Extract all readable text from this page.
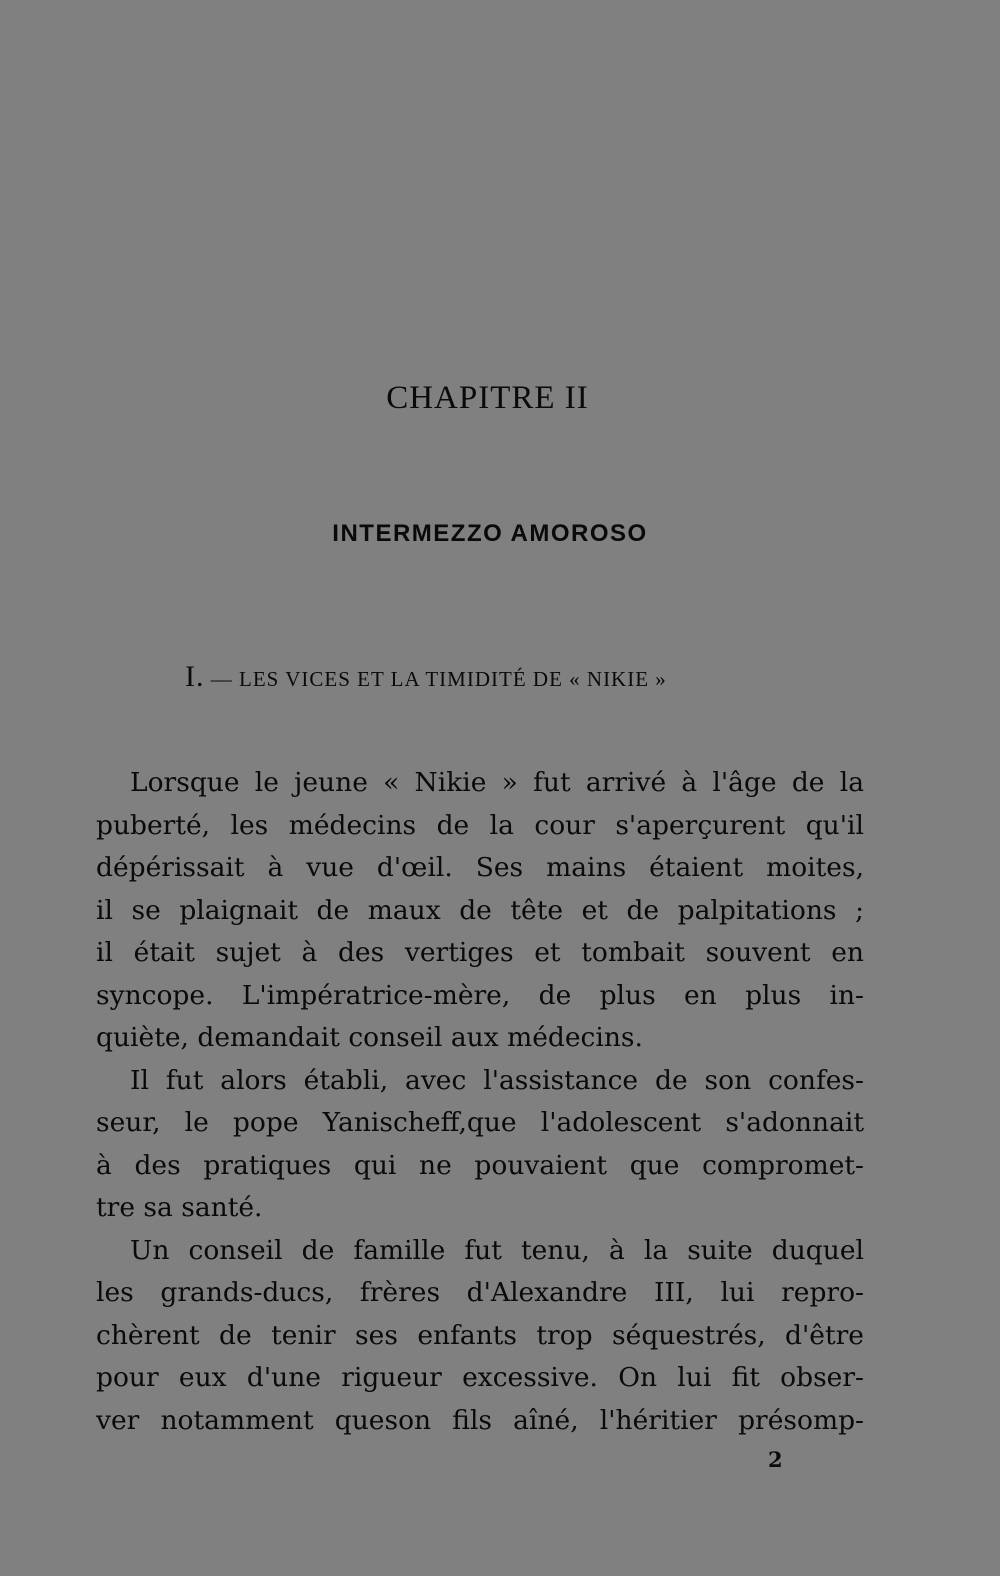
CHAPITRE II
INTERMEZZO AMOROSO
I. — LES VICES ET LA TIMIDITÉ DE « NIKIE »
Lorsque le jeune « Nikie » fut arrivé à l'âge de la
puberté, les médecins de la cour s'aperçurent qu'il
dépérissait à vue d'œil. Ses mains étaient moites,
il se plaignait de maux de tête et de palpitations ;
il était sujet à des vertiges et tombait souvent en
syncope. L'impératrice-mère, de plus en plus in-
quiète, demandait conseil aux médecins.
Il fut alors établi, avec l'assistance de son confes-
seur, le pope Yanischeff,que l'adolescent s'adonnait
à des pratiques qui ne pouvaient que compromet-
tre sa santé.
Un conseil de famille fut tenu, à la suite duquel
les grands-ducs, frères d'Alexandre III, lui repro-
chèrent de tenir ses enfants trop séquestrés, d'être
pour eux d'une rigueur excessive. On lui fit obser-
ver notamment queson fils aîné, l'héritier présomp-
2
